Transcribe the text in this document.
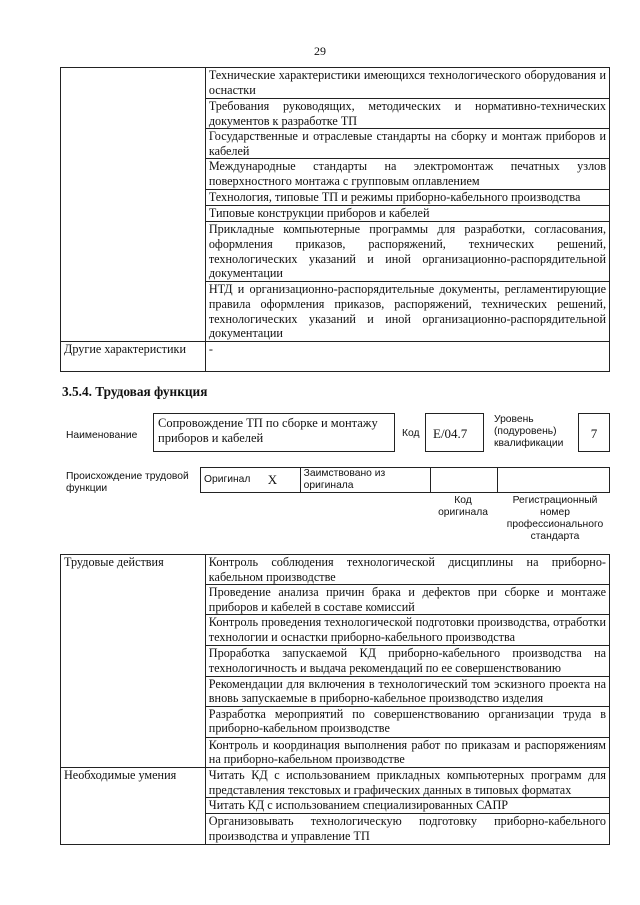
29
	Технические характеристики имеющихся технологического оборудования и оснастки
	Требования руководящих, методических и нормативно-технических документов к разработке ТП
	Государственные и отраслевые стандарты на сборку и монтаж приборов и кабелей
	Международные стандарты на электромонтаж печатных узлов поверхностного монтажа с групповым оплавлением
	Технология, типовые ТП и режимы приборно-кабельного производства
	Типовые конструкции приборов и кабелей
	Прикладные компьютерные программы для разработки, согласования, оформления приказов, распоряжений, технических решений, технологических указаний и иной организационно-распорядительной документации
	НТД и организационно-распорядительные документы, регламентирующие правила оформления приказов, распоряжений, технических решений, технологических указаний и иной организационно-распорядительной документации
Другие характеристики	-
3.5.4. Трудовая функция
Наименование
Сопровождение ТП по сборке и монтажу приборов и кабелей	Код	E/04.7
Уровень (подуровень) квалификации
7
Происхождение трудовой функции
Оригинал	X	Заимствовано из оригинала		
Код оригинала
Регистрационный номер профессионального стандарта
Трудовые действия	Контроль соблюдения технологической дисциплины на приборно-кабельном производстве
	Проведение анализа причин брака и дефектов при сборке и монтаже приборов и кабелей в составе комиссий
	Контроль проведения технологической подготовки производства, отработки технологии и оснастки приборно-кабельного производства
	Проработка запускаемой КД приборно-кабельного производства на технологичность и выдача рекомендаций по ее совершенствованию
	Рекомендации для включения в технологический том эскизного проекта на вновь запускаемые в приборно-кабельное производство изделия
	Разработка мероприятий по совершенствованию организации труда в приборно-кабельном производстве
	Контроль и координация выполнения работ по приказам и распоряжениям на приборно-кабельном производстве
Необходимые умения	Читать КД с использованием прикладных компьютерных программ для представления текстовых и графических данных в типовых форматах
	Читать КД с использованием специализированных САПР
	Организовывать технологическую подготовку приборно-кабельного производства и управление ТП
